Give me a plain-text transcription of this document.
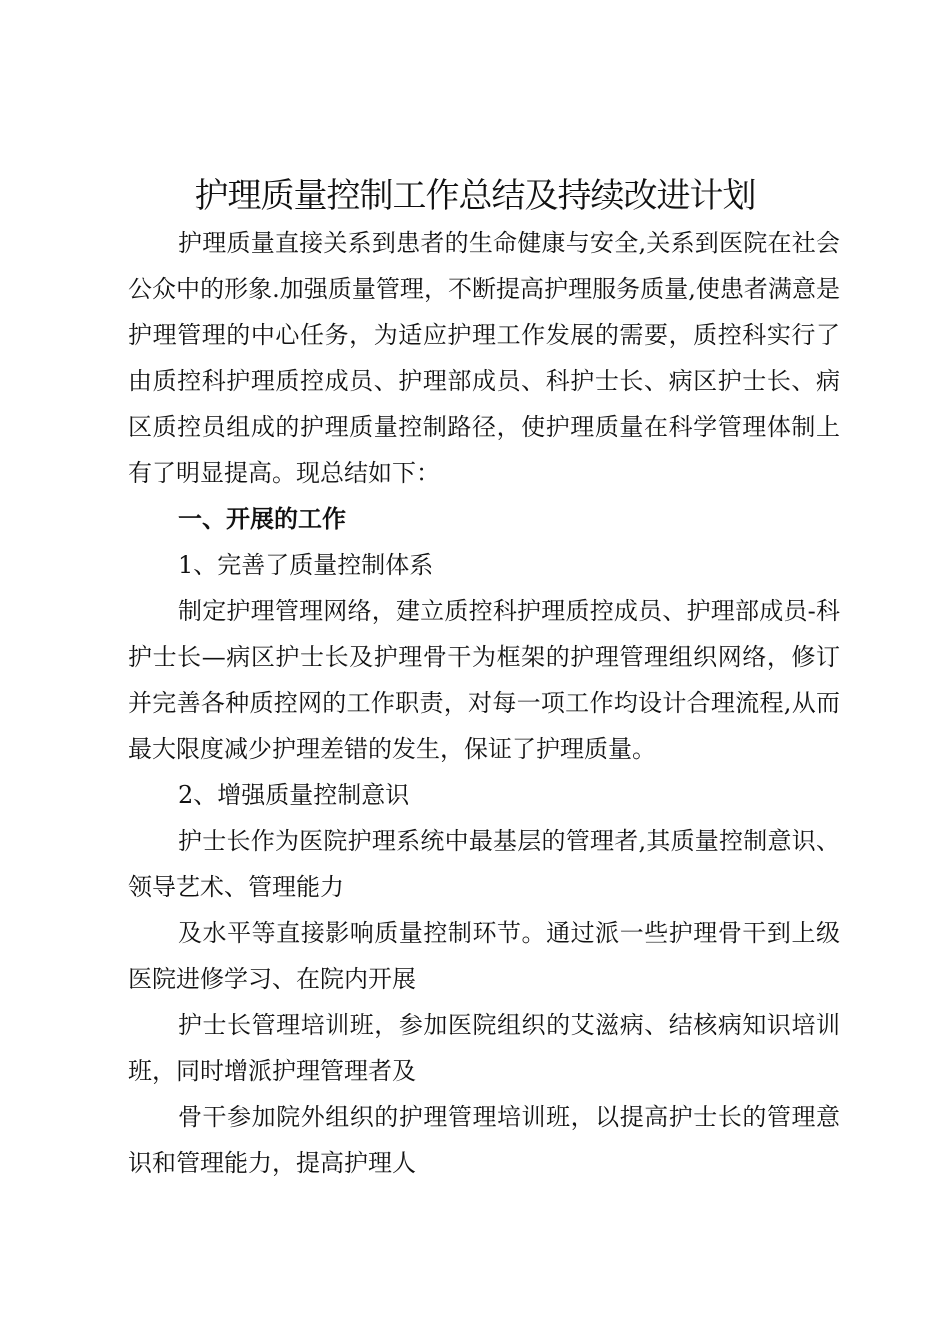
护理质量控制工作总结及持续改进计划

护理质量直接关系到患者的生命健康与安全,关系到医院在社会公众中的形象.加强质量管理，不断提高护理服务质量,使患者满意是护理管理的中心任务，为适应护理工作发展的需要，质控科实行了由质控科护理质控成员、护理部成员、科护士长、病区护士长、病区质控员组成的护理质量控制路径，使护理质量在科学管理体制上有了明显提高。现总结如下：

一、开展的工作

1、完善了质量控制体系

制定护理管理网络，建立质控科护理质控成员、护理部成员-科护士长—病区护士长及护理骨干为框架的护理管理组织网络，修订并完善各种质控网的工作职责，对每一项工作均设计合理流程,从而最大限度减少护理差错的发生，保证了护理质量。

2、增强质量控制意识

护士长作为医院护理系统中最基层的管理者,其质量控制意识、领导艺术、管理能力

及水平等直接影响质量控制环节。通过派一些护理骨干到上级医院进修学习、在院内开展

护士长管理培训班，参加医院组织的艾滋病、结核病知识培训班，同时增派护理管理者及

骨干参加院外组织的护理管理培训班，以提高护士长的管理意识和管理能力，提高护理人
